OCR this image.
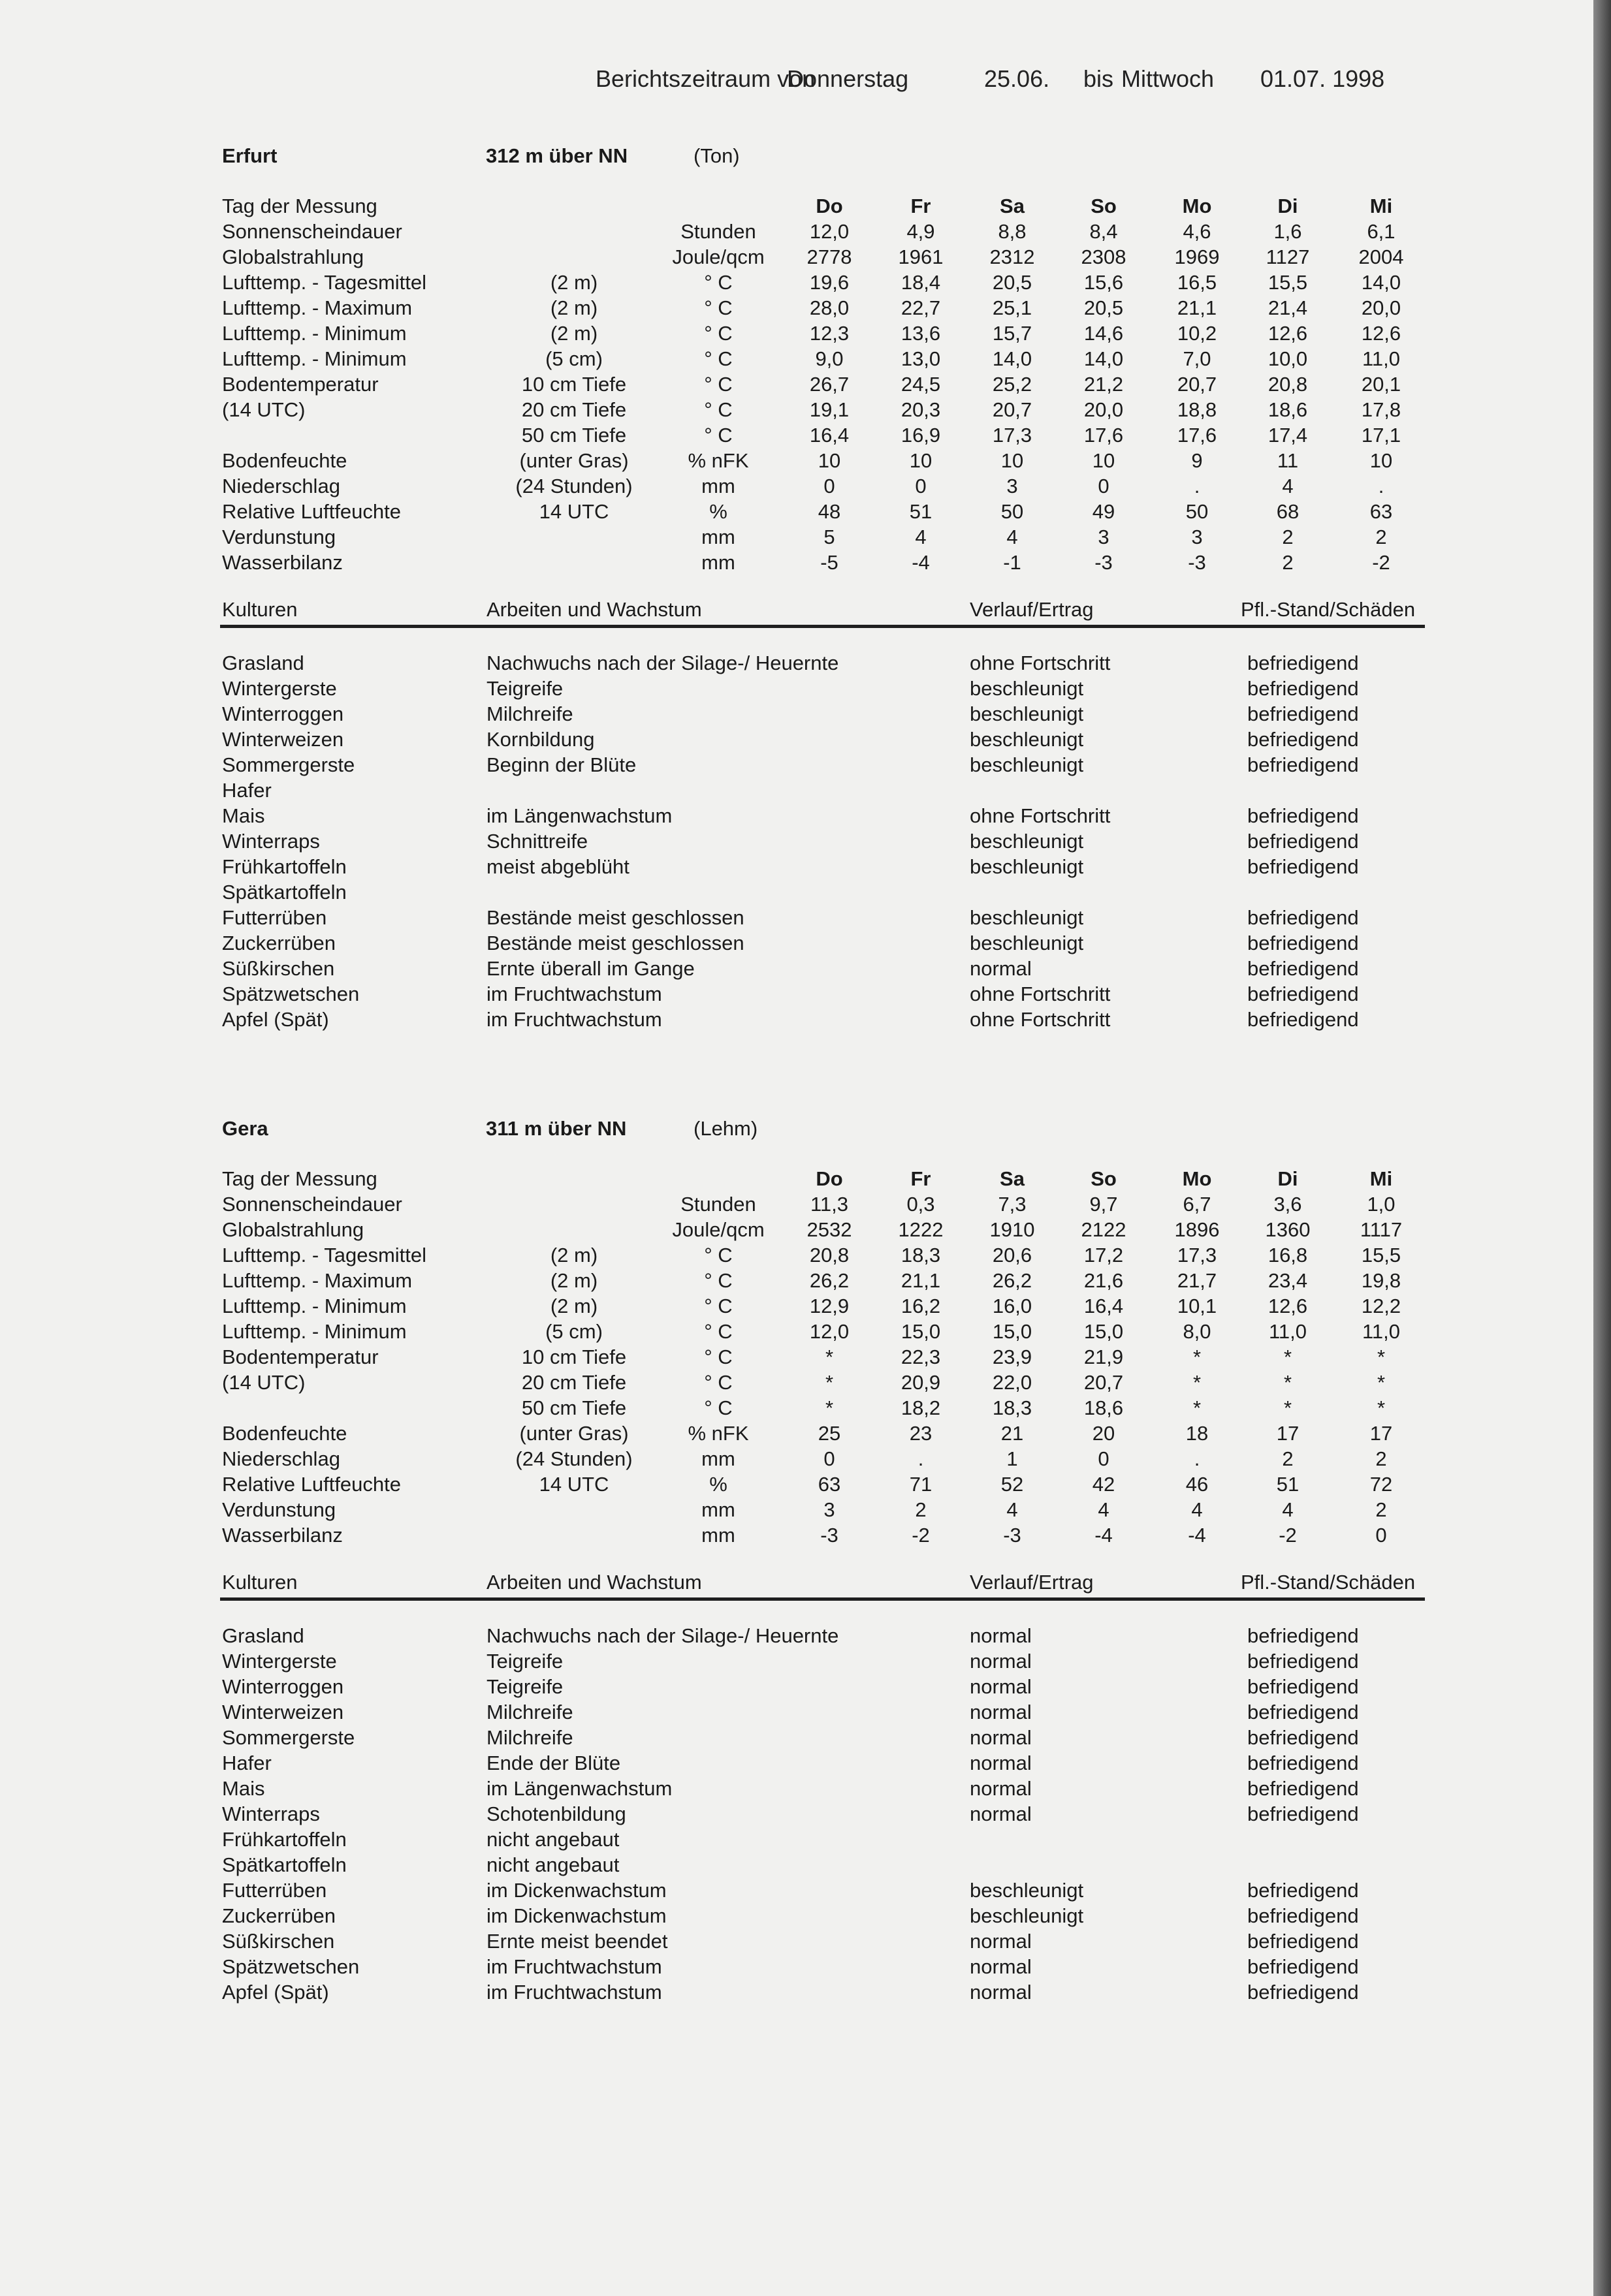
Berichtszeitraum von
Donnerstag	25.06. bis Mittwoch 01.07. 1998
Erfurt	312 m über NN	(Ton)
Tag der Messung	Do	Fr	Sa	So	Mo	Di	Mi
Sonnenscheindauer	Stunden	12,0	4,9	8,8	8,4	4,6	1,6	6,1
Globalstrahlung	Joule/qcm 2778 1961 2312 2308 1969 1127 2004
Lufttemp. - Tagesmittel	(2 m)	° C	19,6	18,4	20,5	15,6	16,5	15,5	14,0
Lufttemp. - Maximum	(2 m)	° C	28,0	22,7	25,1	20,5	21,1	21,4	20,0
Lufttemp. - Minimum	(2 m)	° C	12,3	13,6	15,7	14,6	10,2	12,6	12,6
Lufttemp. - Minimum	(5 cm)	° C	9,0	13,0	14,0	14,0	7,0	10,0	11,0
Bodentemperatur	10 cm Tiefe	° C	26,7	24,5	25,2	21,2	20,7	20,8	20,1
(14 UTC)	20 cm Tiefe	° C	19,1	20,3	20,7	20,0	18,8	18,6	17,8
50 cm Tiefe	° C	16,4	16,9	17,3	17,6	17,6	17,4	17,1
Bodenfeuchte	(unter Gras)	% nFK	10	10	10	10	9	11	10
Niederschlag	(24 Stunden)	mm	0	0	3	0	.	4	.
Relative Luftfeuchte	14 UTC	%	48	51	50	49	50	68	63
Verdunstung	mm	5	4	4	3	3	2	2
Wasserbilanz	mm	-5	-4	-1	-3	-3	2	-2
Kulturen	Arbeiten und Wachstum	Verlauf/Ertrag	Pfl.-Stand/Schäden
Grasland	Nachwuchs nach der Silage-/ Heuernte	ohne Fortschritt	befriedigend
Wintergerste	Teigreife	beschleunigt	befriedigend
Winterroggen	Milchreife	beschleunigt	befriedigend
Winterweizen	Kornbildung	beschleunigt	befriedigend
Sommergerste	Beginn der Blüte	beschleunigt	befriedigend
Hafer
Mais	im Längenwachstum	ohne Fortschritt	befriedigend
Winterraps	Schnittreife	beschleunigt	befriedigend
Frühkartoffeln	meist abgeblüht	beschleunigt	befriedigend
Spätkartoffeln
Futterrüben	Bestände meist geschlossen	beschleunigt	befriedigend
Zuckerrüben	Bestände meist geschlossen	beschleunigt	befriedigend
Süßkirschen	Ernte überall im Gange	normal	befriedigend
Spätzwetschen	im Fruchtwachstum	ohne Fortschritt	befriedigend
Apfel (Spät)	im Fruchtwachstum	ohne Fortschritt	befriedigend
Gera	311 m über NN	(Lehm)
Tag der Messung	Do	Fr	Sa	So	Mo	Di	Mi
Sonnenscheindauer	Stunden	11,3	0,3	7,3	9,7	6,7	3,6	1,0
Globalstrahlung	Joule/qcm 2532 1222 1910 2122 1896 1360 1117
Lufttemp. - Tagesmittel	(2 m)	° C	20,8	18,3	20,6	17,2	17,3	16,8	15,5
Lufttemp. - Maximum	(2 m)	° C	26,2	21,1	26,2	21,6	21,7	23,4	19,8
Lufttemp. - Minimum	(2 m)	° C	12,9	16,2	16,0	16,4	10,1	12,6	12,2
Lufttemp. - Minimum	(5 cm)	° C	12,0	15,0	15,0	15,0	8,0	11,0	11,0
Bodentemperatur	10 cm Tiefe	° C	*	22,3	23,9	21,9	*	*	*
(14 UTC)	20 cm Tiefe	° C	*	20,9	22,0	20,7	*	*	*
50 cm Tiefe	° C	*	18,2	18,3	18,6	*	*	*
Bodenfeuchte	(unter Gras)	% nFK	25	23	21	20	18	17	17
Niederschlag	(24 Stunden)	mm	0	.	1	0	.	2	2
Relative Luftfeuchte	14 UTC	%	63	71	52	42	46	51	72
Verdunstung	mm	3	2	4	4	4	4	2
Wasserbilanz	mm	-3	-2	-3	-4	-4	-2	0
Kulturen	Arbeiten und Wachstum	Verlauf/Ertrag	Pfl.-Stand/Schäden
Grasland	Nachwuchs nach der Silage-/ Heuernte	normal	befriedigend
Wintergerste	Teigreife	normal	befriedigend
Winterroggen	Teigreife	normal	befriedigend
Winterweizen	Milchreife	normal	befriedigend
Sommergerste	Milchreife	normal	befriedigend
Hafer	Ende der Blüte	normal	befriedigend
Mais	im Längenwachstum	normal	befriedigend
Winterraps	Schotenbildung	normal	befriedigend
Frühkartoffeln	nicht angebaut
Spätkartoffeln	nicht angebaut
Futterrüben	im Dickenwachstum	beschleunigt	befriedigend
Zuckerrüben	im Dickenwachstum	beschleunigt	befriedigend
Süßkirschen	Ernte meist beendet	normal	befriedigend
Spätzwetschen	im Fruchtwachstum	normal	befriedigend
Apfel (Spät)	im Fruchtwachstum	normal	befriedigend
